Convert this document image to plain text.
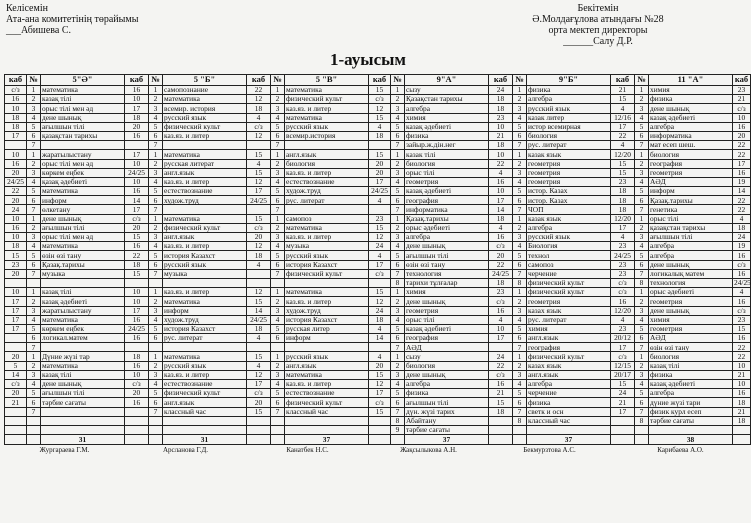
Келісемін
Ата-ана комитетінің төрайымы
___Абишева С.
Бекітемін
Ә.Молдағұлова атындағы №28
орта мектеп директоры
______Салу Д.Р.
1-ауысым
каб	№	5"Ә"	каб	№	5 "Б"	каб	№	5 "В"	каб	№	9"А"	каб	№	9"Б"	каб	№	11 "А"	каб
с/з	1	математика	16	1	самопознание	22	1	математика	15	1	сызу	24	1	физика	21	1	химия	23
16	2	казақ тілі	10	2	математика	12	2	физический культ	с/з	2	Қазақстан тарихы	18	2	алгебра	15	2	физика	21
10	3	орыс тілі мен әд	17	3	всемир. история	18	3	каз.яз. и литер	12	3	алгебра	18	3	русский язык	4	3	дене шынық	с/з
18	4	дене шынық	18	4	русский язык	4	4	математика	15	4	химия	23	4	казак литер	12/16	4	казақ әдебиеті	10
18	5	ағылшын тілі	20	5	физический культ	с/з	5	русский язык	4	5	казақ әдебиеті	10	5	истор всемирная	17	5	алгебра	16
17	6	қазақстан тарихы	16	6	каз.яз. и литер	12	6	всемир.история	18	6	физика	21	6	биология	22	6	информатика	20
	7			7			7			7	зайыр.ж.дін.нег	18	7	рус. литерат	4	7	мат есеп шеш.	22
10	1	жаратылыстану	17	1	математика	15	1	англ.язык	15	1	казак тілі	10	1	казак язык	12/20	1	биология	22
16	2	орыс тілі мен әд	10	2	русская литерат	4	2	биология	20	2	биология	22	2	геометрия	15	2	география	17
20	3	көркем еңбек	24/25	3	англ.язык	15	3	каз.яз. и литер	20	3	орыс тілі	4	3	геометрия	15	3	геометрия	16
24/25	4	қазақ әдебиеті	10	4	каз.яз. и литер	12	4	естествознание	17	4	геометрия	16	4	геометрия	23	4	АӘД	19
22	5	математика	16	5	естествознание	17	5	худож.труд	24/25	5	казақ әдебиеті	10	5	истор. Казах	18	5	информ	14
20	6	информ	14	6	худож.труд	24/25	6	рус. литерат	4	6	география	17	6	истор. Казах	18	6	Қазақ.тарихы	22
24	7	өлкетану	17	7			7			7	информатика	14	7	ЧОП	18	7	генетика	22
10	1	дене шынық	с/з	1	математика	15	1	самопоз	23	1	Қазақ.тарихы	18	1	казак язык	12/20	1	орыс тілі	4
16	2	ағылшын тілі	20	2	физический культ	с/з	2	математика	15	2	орыс әдебиеті	4	2	алгебра	17	2	қазақстан тарихы	18
10	3	орыс тілі мен әд	15	3	англ.язык	20	3	каз.яз. и литер	12	3	алгебра	16	3	русский язык	4	3	ағылшын тілі	24
18	4	математика	16	4	каз.яз. и литер	12	4	музыка	24	4	дене шынық	с/з	4	Биология	23	4	алгебра	19
15	5	өзін өзі тану	22	5	история Казахст	18	5	русский язык	4	5	ағылшын тілі	20	5	технол	24/25	5	алгебра	16
23	6	Қазақ.тарихы	18	6	русский язык	4	6	история Казахст	17	6	өзін өзі тану	22	6	самопоз	23	6	дене шынық	с/з
20	7	музыка	15	7	музыка		7	физический культ	с/з	7	технология	24/25	7	черчение	23	7	логикалық матем	16
										8	тарихи тұлғалар	18	8	физический культ	с/з	8	технология	24/25
10	1	казақ тілі	10	1	каз.яз. и литер	12	1	математика	15	1	химия	23	1	физический культ	с/з	1	орыс әдебиеті	4
17	2	казақ әдебиеті	10	2	математика	15	2	каз.яз. и литер	12	2	дене шынық	с/з	2	геометрия	16	2	геометрия	16
17	3	жаратылыстану	17	3	информ	14	3	худож.труд	24	3	геометрия	16	3	казах язык	12/20	3	дене шынық	с/з
17	4	математика	16	4	худож.труд	24/25	4	история Казахст	18	4	орыс тілі	4	4	рус. литерат	4	4	химия	23
17	5	көркем еңбек	24/25	5	история Казахст	18	5	русская литер	4	5	казақ әдебиеті	10	5	химия	23	5	геометрия	15
	6	логикал.матем	16	6	рус. литерат	4	6	информ	14	6	география	17	6	англ.язык	20/12	6	АӘД	16
	7									7	АӘД		7	география	17	7	өзін өзі тану	22
20	1	Дүние жүзі тар	18	1	математика	15	1	русский язык	4	1	сызу	24	1	физический культ	с/з	1	биология	22
5	2	математика	16	2	русский язык	4	2	англ.язык	20	2	биология	22	2	казах язык	12/15	2	казақ тілі	10
14	3	казақ тілі	10	3	каз.яз. и литер	12	3	математика	15	3	дене шынық	с/з	3	англ.язык	20/17	3	физика	21
с/з	4	дене шынық	с/з	4	естествознание	17	4	каз.яз. и литер	12	4	алгебра	16	4	алгебра	15	4	казақ әдебиеті	10
20	5	ағылшын тілі	20	5	физический культ	с/з	5	естествознание	17	5	физика	21	5	черчение	24	5	алгебра	16
21	6	тәрбие сағаты	16	6	англ.язык	20	6	физический культ	с/з	6	ағылшын тілі	15	6	физика	21	6	дүние жүзі тари	18
	7			7	классный час	15	7	классный час	15	7	дүн. жүзі тарих	18	7	светк и осн	17	7	физик курл есеп	21
										8	Абайтану		8	классный час		8	тәрбие сағаты	18
										9	тәрбие сағаты							
		31			31			37			37			37			38	
Жургараева Г.М.			Арсланова Г.Д.			Канатбек Н.С.			Жақсылыкова А.Н.			Бекмурзтова А.С.			Карибаева А.О.			
